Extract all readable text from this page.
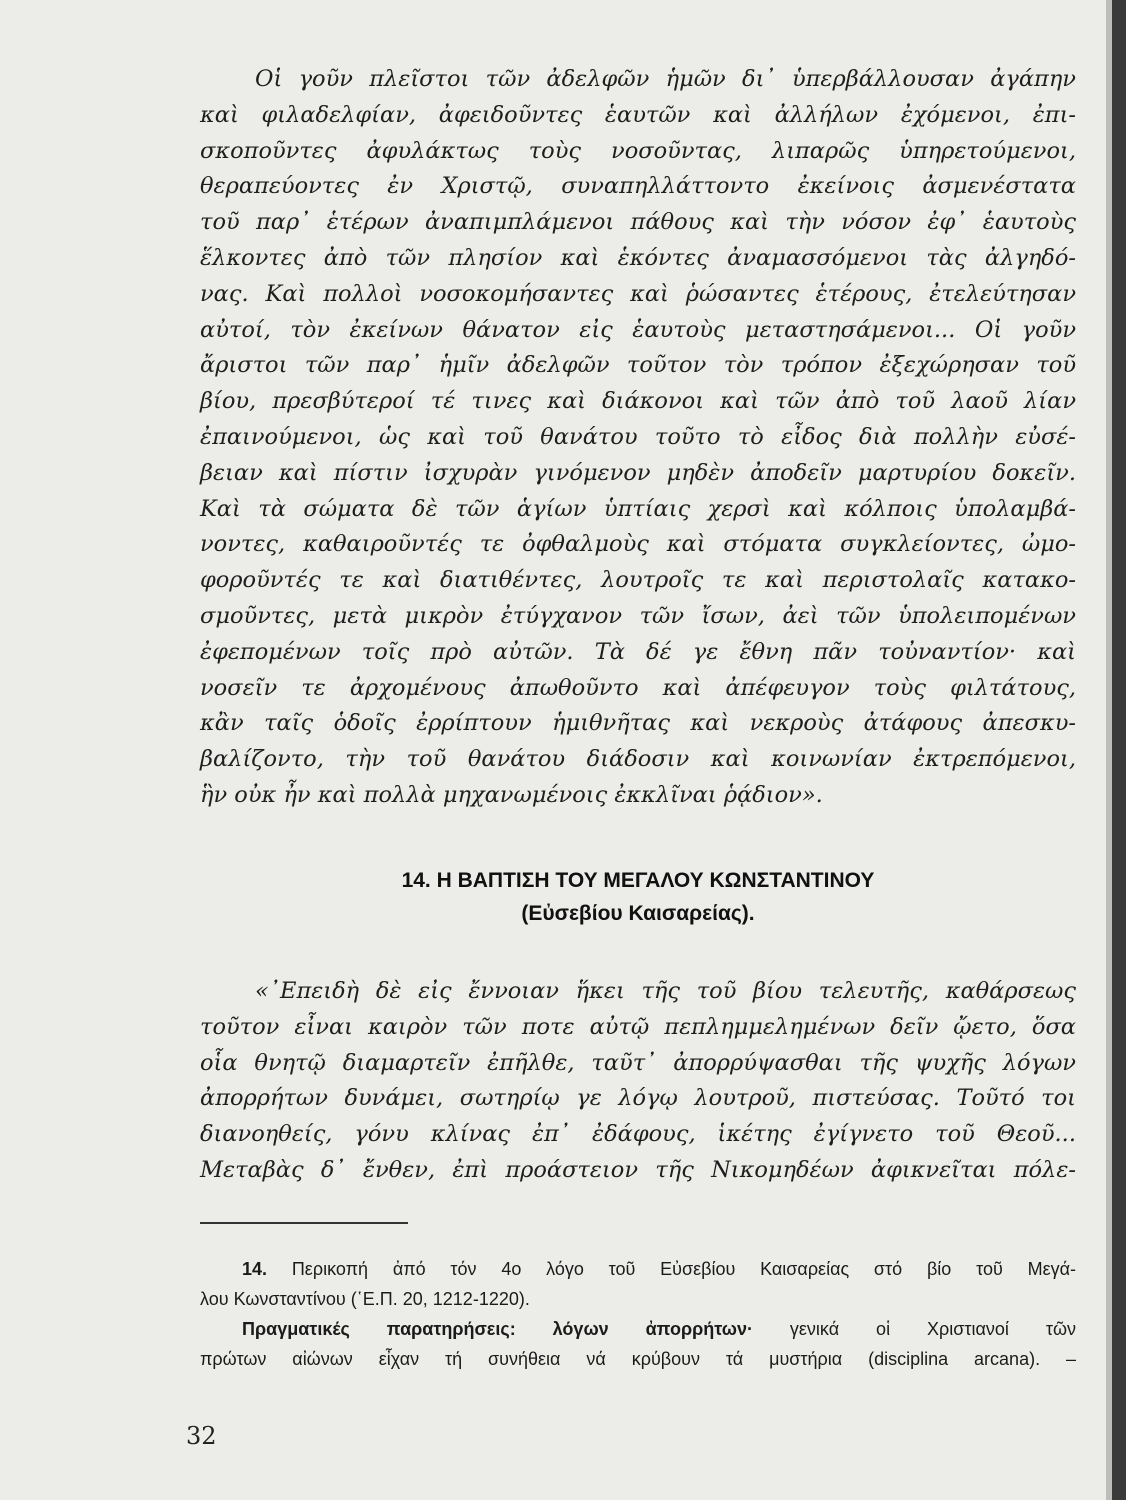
Οἱ γοῦν πλεῖστοι τῶν ἀδελφῶν ἡμῶν δι᾽ ὑπερβάλλουσαν ἀγάπην
καὶ φιλαδελφίαν, ἀφειδοῦντες ἑαυτῶν καὶ ἀλλήλων ἐχόμενοι, ἐπι-
σκοποῦντες ἀφυλάκτως τοὺς νοσοῦντας, λιπαρῶς ὑπηρετούμενοι,
θεραπεύοντες ἐν Χριστῷ, συναπηλλάττοντο ἐκείνοις ἀσμενέστατα
τοῦ παρ᾽ ἑτέρων ἀναπιμπλάμενοι πάθους καὶ τὴν νόσον ἐφ᾽ ἑαυτοὺς
ἕλκοντες ἀπὸ τῶν πλησίον καὶ ἑκόντες ἀναμασσόμενοι τὰς ἀλγηδό-
νας. Καὶ πολλοὶ νοσοκομήσαντες καὶ ῥώσαντες ἑτέρους, ἐτελεύτησαν
αὐτοί, τὸν ἐκείνων θάνατον εἰς ἑαυτοὺς μεταστησάμενοι... Οἱ γοῦν
ἄριστοι τῶν παρ᾽ ἡμῖν ἀδελφῶν τοῦτον τὸν τρόπον ἐξεχώρησαν τοῦ
βίου, πρεσβύτεροί τέ τινες καὶ διάκονοι καὶ τῶν ἀπὸ τοῦ λαοῦ λίαν
ἐπαινούμενοι, ὡς καὶ τοῦ θανάτου τοῦτο τὸ εἶδος διὰ πολλὴν εὐσέ-
βειαν καὶ πίστιν ἰσχυρὰν γινόμενον μηδὲν ἀποδεῖν μαρτυρίου δοκεῖν.
Καὶ τὰ σώματα δὲ τῶν ἁγίων ὑπτίαις χερσὶ καὶ κόλποις ὑπολαμβά-
νοντες, καθαιροῦντές τε ὀφθαλμοὺς καὶ στόματα συγκλείοντες, ὠμο-
φοροῦντές τε καὶ διατιθέντες, λουτροῖς τε καὶ περιστολαῖς κατακο-
σμοῦντες, μετὰ μικρὸν ἐτύγχανον τῶν ἴσων, ἀεὶ τῶν ὑπολειπομένων
ἐφεπομένων τοῖς πρὸ αὐτῶν. Τὰ δέ γε ἔθνη πᾶν τοὐναντίον· καὶ
νοσεῖν τε ἀρχομένους ἀπωθοῦντο καὶ ἀπέφευγον τοὺς φιλτάτους,
κἂν ταῖς ὁδοῖς ἐρρίπτουν ἡμιθνῆτας καὶ νεκροὺς ἀτάφους ἀπεσκυ-
βαλίζοντο, τὴν τοῦ θανάτου διάδοσιν καὶ κοινωνίαν ἐκτρεπόμενοι,
ἣν οὐκ ἦν καὶ πολλὰ μηχανωμένοις ἐκκλῖναι ῥᾴδιον».
14. Η ΒΑΠΤΙΣΗ ΤΟΥ ΜΕΓΑΛΟΥ ΚΩΝΣΤΑΝΤΙΝΟΥ
(Εὐσεβίου Καισαρείας).
«᾽Επειδὴ δὲ εἰς ἔννοιαν ἥκει τῆς τοῦ βίου τελευτῆς, καθάρσεως
τοῦτον εἶναι καιρὸν τῶν ποτε αὐτῷ πεπλημμελημένων δεῖν ᾤετο, ὅσα
οἷα θνητῷ διαμαρτεῖν ἐπῆλθε, ταῦτ᾽ ἀπορρύψασθαι τῆς ψυχῆς λόγων
ἀπορρήτων δυνάμει, σωτηρίῳ γε λόγῳ λουτροῦ, πιστεύσας. Τοῦτό τοι
διανοηθείς, γόνυ κλίνας ἐπ᾽ ἐδάφους, ἱκέτης ἐγίγνετο τοῦ Θεοῦ...
Μεταβὰς δ᾽ ἔνθεν, ἐπὶ προάστειον τῆς Νικομηδέων ἀφικνεῖται πόλε-
14. Περικοπή ἀπό τόν 4ο λόγο τοῦ Εὐσεβίου Καισαρείας στό βίο τοῦ Μεγά-
λου Κωνσταντίνου (῾Ε.Π. 20, 1212-1220).
Πραγματικές παρατηρήσεις: λόγων ἀπορρήτων· γενικά οἱ Χριστιανοί τῶν
πρώτων αἰώνων εἶχαν τή συνήθεια νά κρύβουν τά μυστήρια (disciplina arcana). –
32
